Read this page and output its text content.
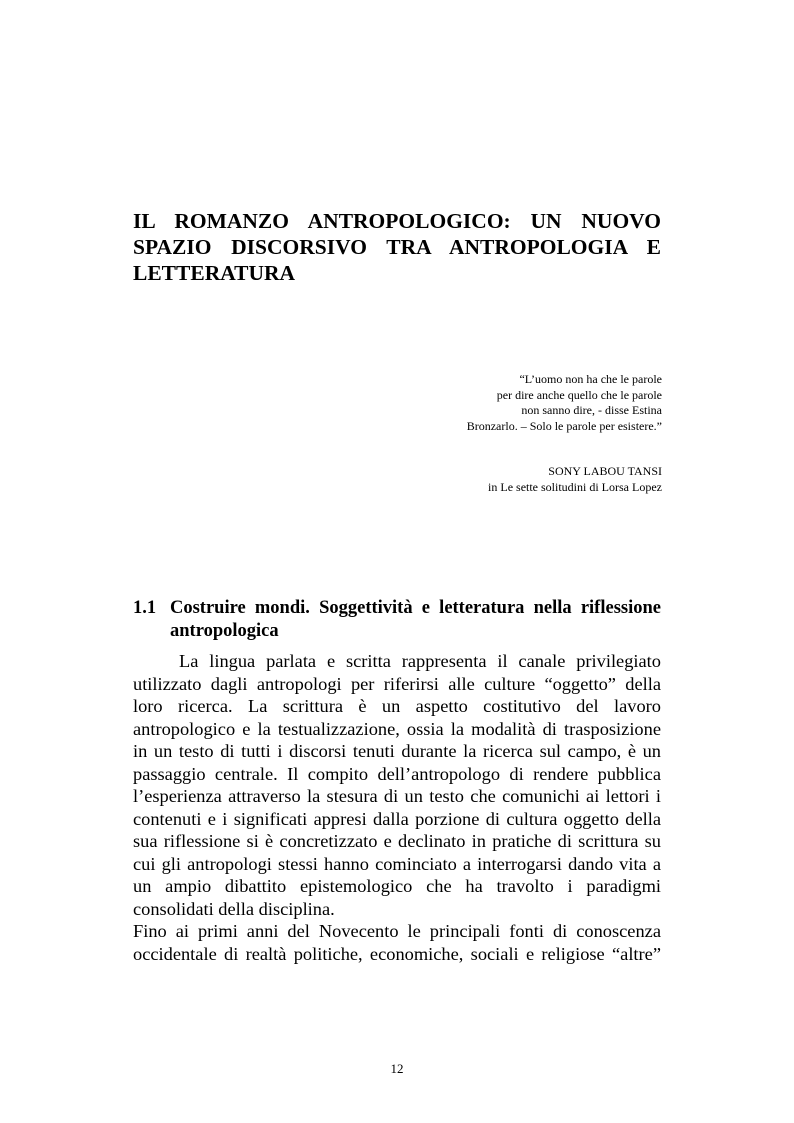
IL ROMANZO ANTROPOLOGICO: UN NUOVO
SPAZIO DISCORSIVO TRA ANTROPOLOGIA E
LETTERATURA
“L’uomo non ha che le parole
per dire anche quello che le parole
non sanno dire, - disse Estina
Bronzarlo. – Solo le parole per esistere.”
SONY LABOU TANSI
in Le sette solitudini di Lorsa Lopez
1.1 Costruire mondi. Soggettività e letteratura nella riflessione
antropologica
La lingua parlata e scritta rappresenta il canale privilegiato
utilizzato dagli antropologi per riferirsi alle culture “oggetto” della
loro ricerca. La scrittura è un aspetto costitutivo del lavoro
antropologico e la testualizzazione, ossia la modalità di trasposizione
in un testo di tutti i discorsi tenuti durante la ricerca sul campo, è un
passaggio centrale. Il compito dell’antropologo di rendere pubblica
l’esperienza attraverso la stesura di un testo che comunichi ai lettori i
contenuti e i significati appresi dalla porzione di cultura oggetto della
sua riflessione si è concretizzato e declinato in pratiche di scrittura su
cui gli antropologi stessi hanno cominciato a interrogarsi dando vita a
un ampio dibattito epistemologico che ha travolto i paradigmi
consolidati della disciplina.
Fino ai primi anni del Novecento le principali fonti di conoscenza
occidentale di realtà politiche, economiche, sociali e religiose “altre”
12
